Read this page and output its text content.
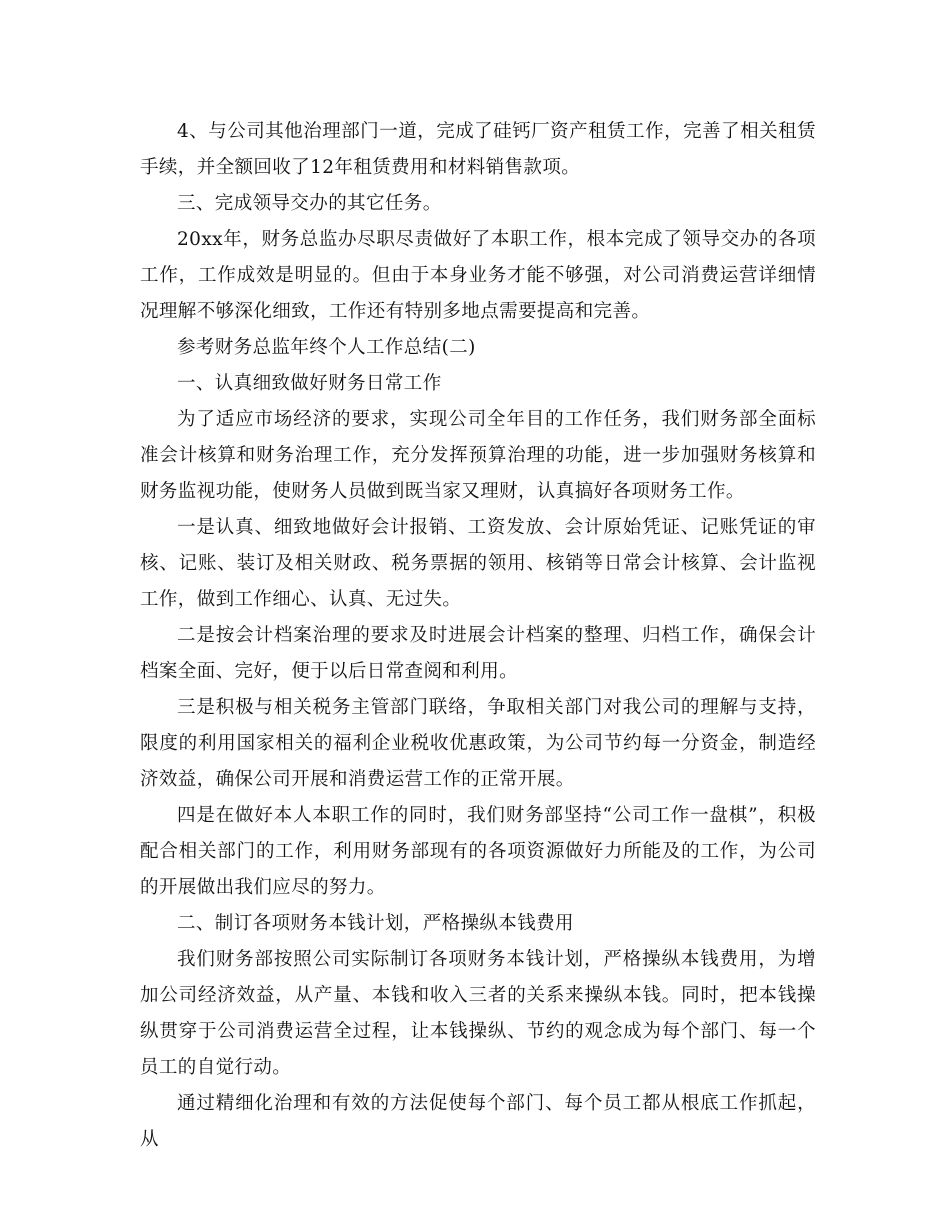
4、与公司其他治理部门一道，完成了硅钙厂资产租赁工作，完善了相关租赁手续，并全额回收了12年租赁费用和材料销售款项。

三、完成领导交办的其它任务。

20xx年，财务总监办尽职尽责做好了本职工作，根本完成了领导交办的各项工作，工作成效是明显的。但由于本身业务才能不够强，对公司消费运营详细情况理解不够深化细致，工作还有特别多地点需要提高和完善。

参考财务总监年终个人工作总结(二)

一、认真细致做好财务日常工作

为了适应市场经济的要求，实现公司全年目的工作任务，我们财务部全面标准会计核算和财务治理工作，充分发挥预算治理的功能，进一步加强财务核算和财务监视功能，使财务人员做到既当家又理财，认真搞好各项财务工作。

一是认真、细致地做好会计报销、工资发放、会计原始凭证、记账凭证的审核、记账、装订及相关财政、税务票据的领用、核销等日常会计核算、会计监视工作，做到工作细心、认真、无过失。

二是按会计档案治理的要求及时进展会计档案的整理、归档工作，确保会计档案全面、完好，便于以后日常查阅和利用。

三是积极与相关税务主管部门联络，争取相关部门对我公司的理解与支持，限度的利用国家相关的福利企业税收优惠政策，为公司节约每一分资金，制造经济效益，确保公司开展和消费运营工作的正常开展。

四是在做好本人本职工作的同时，我们财务部坚持“公司工作一盘棋”，积极配合相关部门的工作，利用财务部现有的各项资源做好力所能及的工作，为公司的开展做出我们应尽的努力。

二、制订各项财务本钱计划，严格操纵本钱费用

我们财务部按照公司实际制订各项财务本钱计划，严格操纵本钱费用，为增加公司经济效益，从产量、本钱和收入三者的关系来操纵本钱。同时，把本钱操纵贯穿于公司消费运营全过程，让本钱操纵、节约的观念成为每个部门、每一个员工的自觉行动。

通过精细化治理和有效的方法促使每个部门、每个员工都从根底工作抓起，从
